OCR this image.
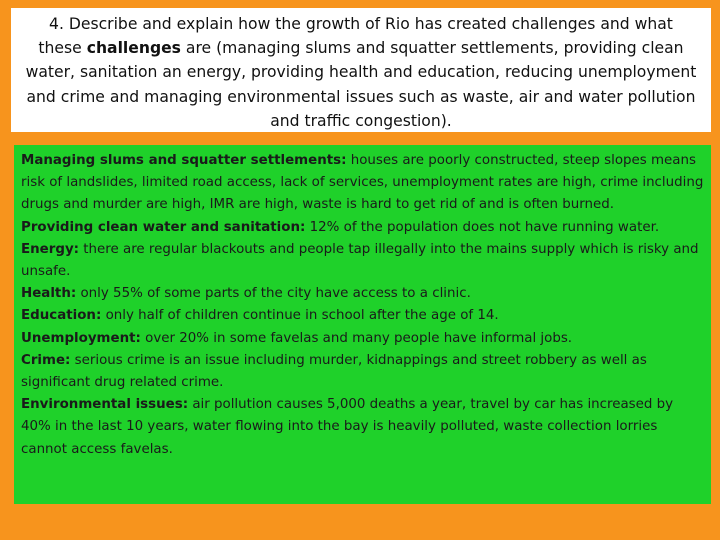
4. Describe and explain how the growth of Rio has created challenges and what these challenges are (managing slums and squatter settlements, providing clean water, sanitation an energy, providing health and education, reducing unemployment and crime and managing environmental issues such as waste, air and water pollution and traffic congestion).

Managing slums and squatter settlements: houses are poorly constructed, steep slopes means risk of landslides, limited road access, lack of services, unemployment rates are high, crime including drugs and murder are high, IMR are high, waste is hard to get rid of and is often burned.

Providing clean water and sanitation: 12% of the population does not have running water.

Energy: there are regular blackouts and people tap illegally into the mains supply which is risky and unsafe.

Health: only 55% of some parts of the city have access to a clinic.

Education: only half of children continue in school after the age of 14.

Unemployment: over 20% in some favelas and many people have informal jobs.

Crime: serious crime is an issue including murder, kidnappings and street robbery as well as significant drug related crime.

Environmental issues: air pollution causes 5,000 deaths a year, travel by car has increased by 40% in the last 10 years, water flowing into the bay is heavily polluted, waste collection lorries cannot access favelas.
